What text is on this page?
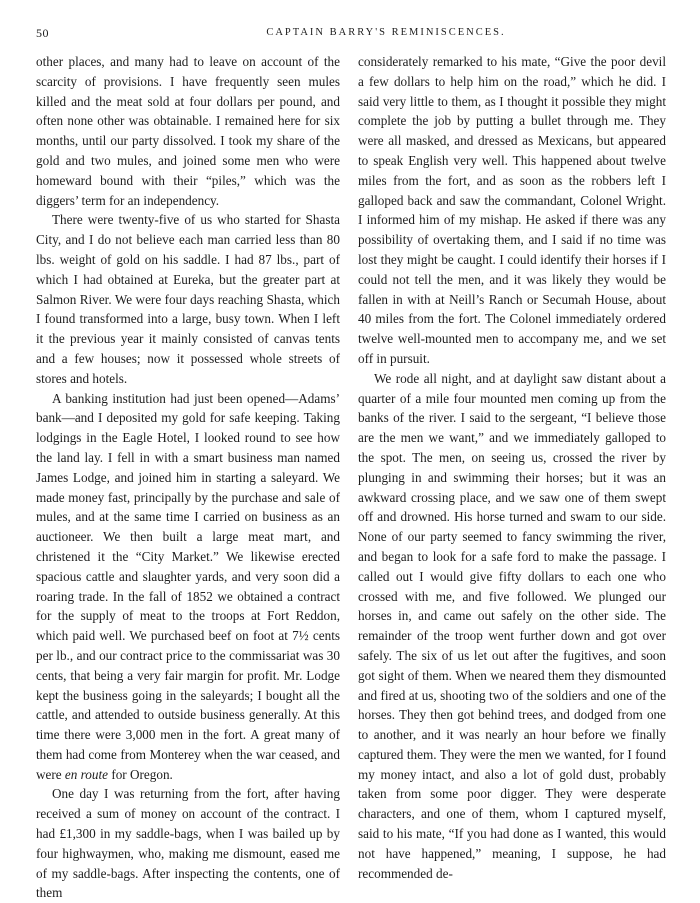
50	CAPTAIN BARRY'S REMINISCENCES.

other places, and many had to leave on account of the scarcity of provisions. I have frequently seen mules killed and the meat sold at four dollars per pound, and often none other was obtainable. I remained here for six months, until our party dissolved. I took my share of the gold and two mules, and joined some men who were homeward bound with their “piles,” which was the diggers’ term for an independency.

There were twenty-five of us who started for Shasta City, and I do not believe each man carried less than 80 lbs. weight of gold on his saddle. I had 87 lbs., part of which I had obtained at Eureka, but the greater part at Salmon River. We were four days reaching Shasta, which I found transformed into a large, busy town. When I left it the previous year it mainly consisted of canvas tents and a few houses; now it possessed whole streets of stores and hotels.

A banking institution had just been opened—Adams’ bank—and I deposited my gold for safe keeping. Taking lodgings in the Eagle Hotel, I looked round to see how the land lay. I fell in with a smart business man named James Lodge, and joined him in starting a saleyard. We made money fast, principally by the purchase and sale of mules, and at the same time I carried on business as an auctioneer. We then built a large meat mart, and christened it the “City Market.” We likewise erected spacious cattle and slaughter yards, and very soon did a roaring trade. In the fall of 1852 we obtained a contract for the supply of meat to the troops at Fort Reddon, which paid well. We purchased beef on foot at 7½ cents per lb., and our contract price to the commissariat was 30 cents, that being a very fair margin for profit. Mr. Lodge kept the business going in the saleyards; I bought all the cattle, and attended to outside business generally. At this time there were 3,000 men in the fort. A great many of them had come from Monterey when the war ceased, and were en route for Oregon.

One day I was returning from the fort, after having received a sum of money on account of the contract. I had £1,300 in my saddle-bags, when I was bailed up by four highwaymen, who, making me dismount, eased me of my saddle-bags. After inspecting the contents, one of them

considerately remarked to his mate, “Give the poor devil a few dollars to help him on the road,” which he did. I said very little to them, as I thought it possible they might complete the job by putting a bullet through me. They were all masked, and dressed as Mexicans, but appeared to speak English very well. This happened about twelve miles from the fort, and as soon as the robbers left I galloped back and saw the commandant, Colonel Wright. I informed him of my mishap. He asked if there was any possibility of overtaking them, and I said if no time was lost they might be caught. I could identify their horses if I could not tell the men, and it was likely they would be fallen in with at Neill’s Ranch or Secumah House, about 40 miles from the fort. The Colonel immediately ordered twelve well-mounted men to accompany me, and we set off in pursuit.

We rode all night, and at daylight saw distant about a quarter of a mile four mounted men coming up from the banks of the river. I said to the sergeant, “I believe those are the men we want,” and we immediately galloped to the spot. The men, on seeing us, crossed the river by plunging in and swimming their horses; but it was an awkward crossing place, and we saw one of them swept off and drowned. His horse turned and swam to our side. None of our party seemed to fancy swimming the river, and began to look for a safe ford to make the passage. I called out I would give fifty dollars to each one who crossed with me, and five followed. We plunged our horses in, and came out safely on the other side. The remainder of the troop went further down and got over safely. The six of us let out after the fugitives, and soon got sight of them. When we neared them they dismounted and fired at us, shooting two of the soldiers and one of the horses. They then got behind trees, and dodged from one to another, and it was nearly an hour before we finally captured them. They were the men we wanted, for I found my money intact, and also a lot of gold dust, probably taken from some poor digger. They were desperate characters, and one of them, whom I captured myself, said to his mate, “If you had done as I wanted, this would not have happened,” meaning, I suppose, he had recommended de-
